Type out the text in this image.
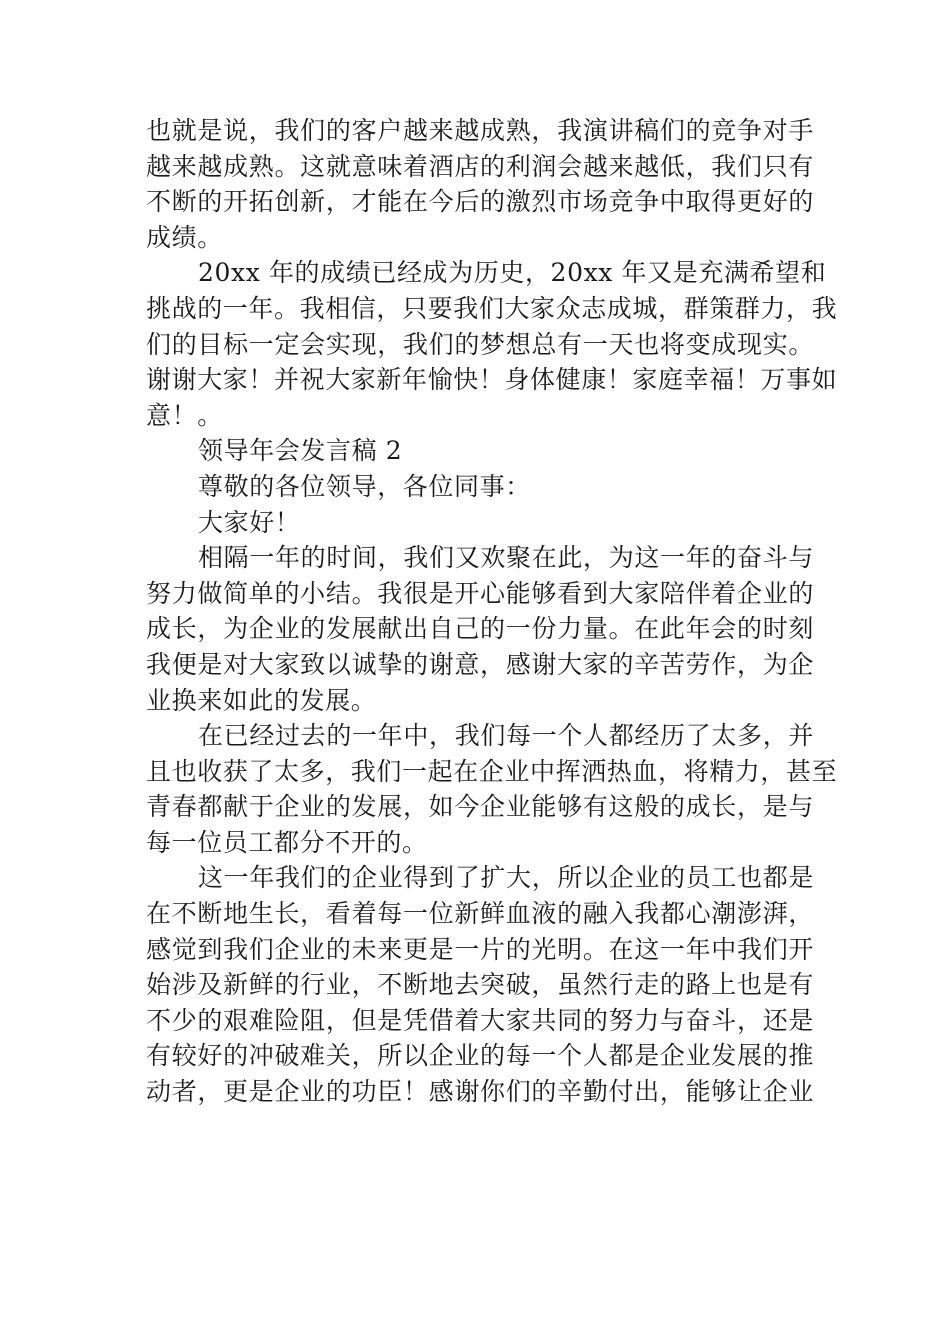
也就是说，我们的客户越来越成熟，我演讲稿们的竞争对手
越来越成熟。这就意味着酒店的利润会越来越低，我们只有
不断的开拓创新，才能在今后的激烈市场竞争中取得更好的
成绩。
20xx 年的成绩已经成为历史，20xx 年又是充满希望和
挑战的一年。我相信，只要我们大家众志成城，群策群力，我
们的目标一定会实现，我们的梦想总有一天也将变成现实。
谢谢大家！并祝大家新年愉快！身体健康！家庭幸福！万事如
意！。
领导年会发言稿 2
尊敬的各位领导，各位同事：
大家好！
相隔一年的时间，我们又欢聚在此，为这一年的奋斗与
努力做简单的小结。我很是开心能够看到大家陪伴着企业的
成长，为企业的发展献出自己的一份力量。在此年会的时刻
我便是对大家致以诚挚的谢意，感谢大家的辛苦劳作，为企
业换来如此的发展。
在已经过去的一年中，我们每一个人都经历了太多，并
且也收获了太多，我们一起在企业中挥洒热血，将精力，甚至
青春都献于企业的发展，如今企业能够有这般的成长，是与
每一位员工都分不开的。
这一年我们的企业得到了扩大，所以企业的员工也都是
在不断地生长，看着每一位新鲜血液的融入我都心潮澎湃，
感觉到我们企业的未来更是一片的光明。在这一年中我们开
始涉及新鲜的行业，不断地去突破，虽然行走的路上也是有
不少的艰难险阻，但是凭借着大家共同的努力与奋斗，还是
有较好的冲破难关，所以企业的每一个人都是企业发展的推
动者，更是企业的功臣！感谢你们的辛勤付出，能够让企业
